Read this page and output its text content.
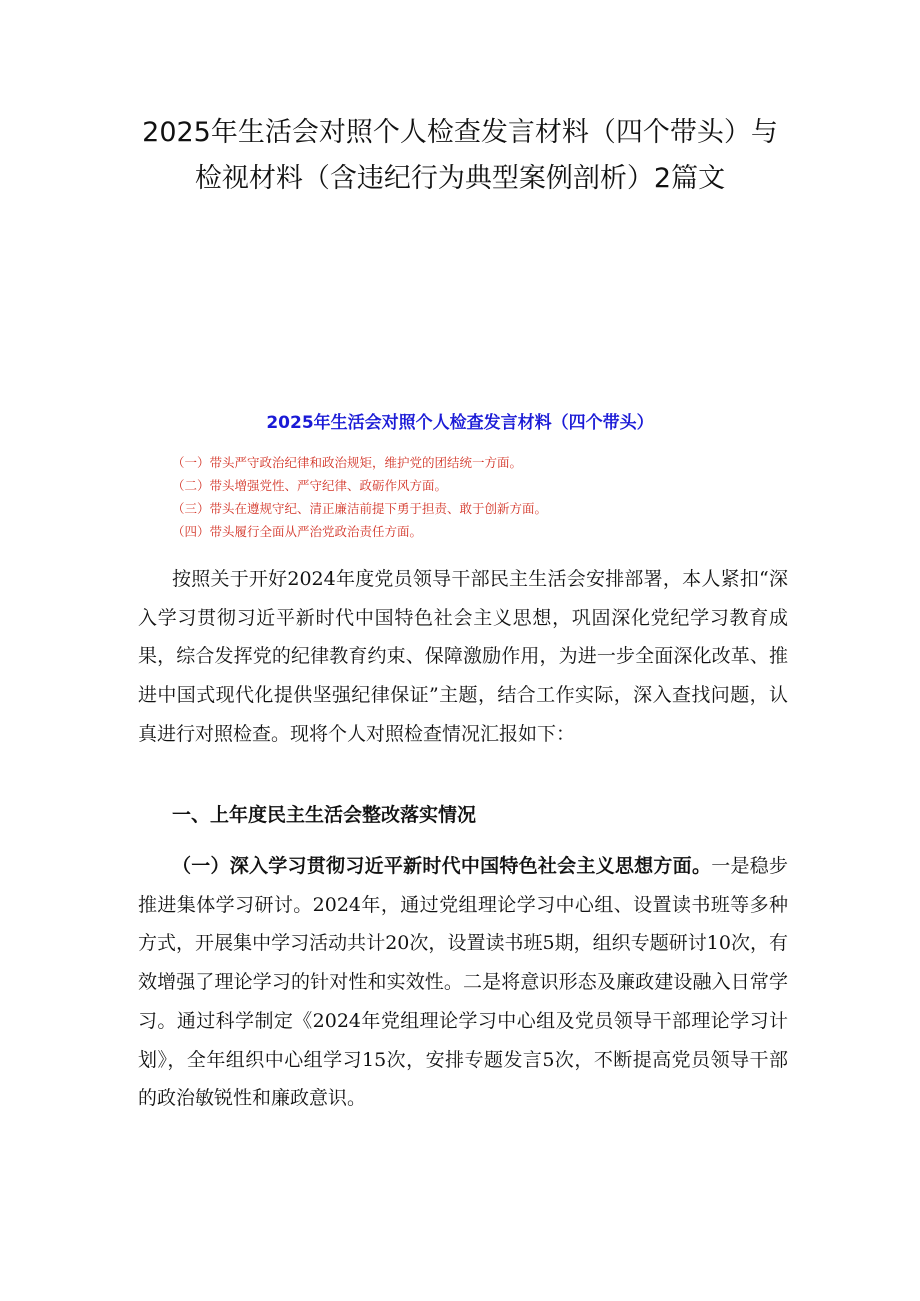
2025年生活会对照个人检查发言材料（四个带头）与
检视材料（含违纪行为典型案例剖析）2篇文
2025年生活会对照个人检查发言材料（四个带头）
（一）带头严守政治纪律和政治规矩，维护党的团结统一方面。
（二）带头增强党性、严守纪律、政砺作风方面。
（三）带头在遵规守纪、清正廉洁前提下勇于担责、敢于创新方面。
（四）带头履行全面从严治党政治责任方面。

按照关于开好2024年度党员领导干部民主生活会安排部署，本人紧扣“深入学习贯彻习近平新时代中国特色社会主义思想，巩固深化党纪学习教育成果，综合发挥党的纪律教育约束、保障激励作用，为进一步全面深化改革、推进中国式现代化提供坚强纪律保证”主题，结合工作实际，深入查找问题，认真进行对照检查。现将个人对照检查情况汇报如下：

一、上年度民主生活会整改落实情况

（一）深入学习贯彻习近平新时代中国特色社会主义思想方面。一是稳步推进集体学习研讨。2024年，通过党组理论学习中心组、设置读书班等多种方式，开展集中学习活动共计20次，设置读书班5期，组织专题研讨10次，有效增强了理论学习的针对性和实效性。二是将意识形态及廉政建设融入日常学习。通过科学制定《2024年党组理论学习中心组及党员领导干部理论学习计划》，全年组织中心组学习15次，安排专题发言5次，不断提高党员领导干部的政治敏锐性和廉政意识。
